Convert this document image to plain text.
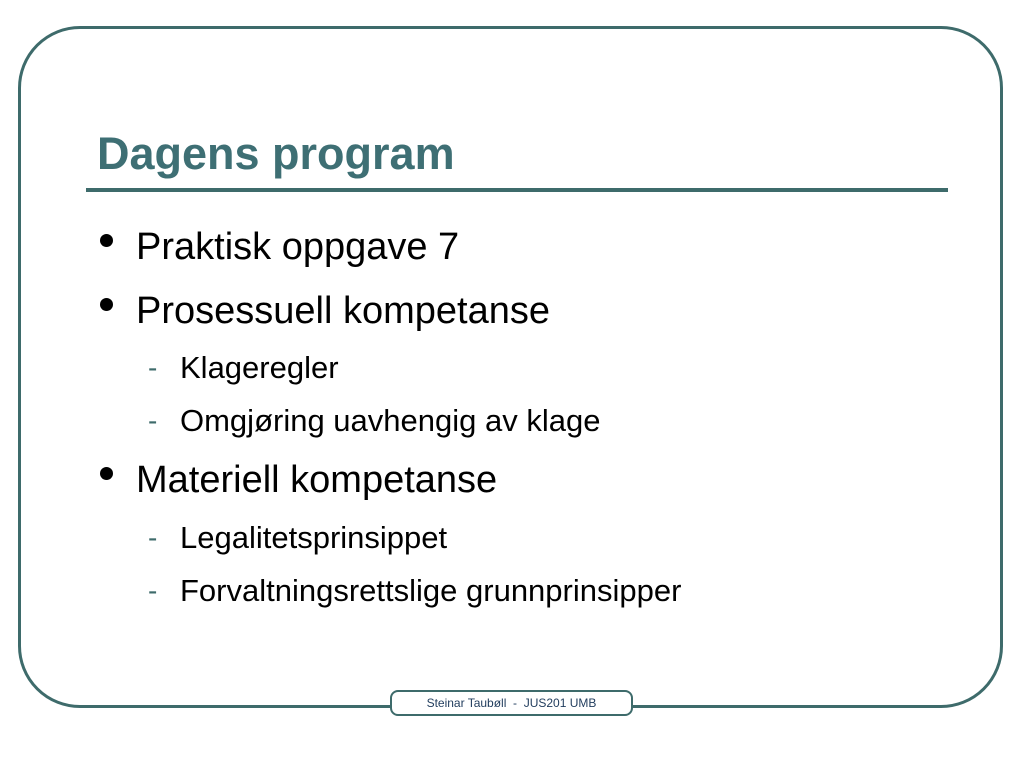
Dagens program
Praktisk oppgave 7
Prosessuell kompetanse
- Klageregler
- Omgjøring uavhengig av klage
Materiell kompetanse
- Legalitetsprinsippet
- Forvaltningsrettslige grunnprinsipper
Steinar Taubøll  -  JUS201 UMB
